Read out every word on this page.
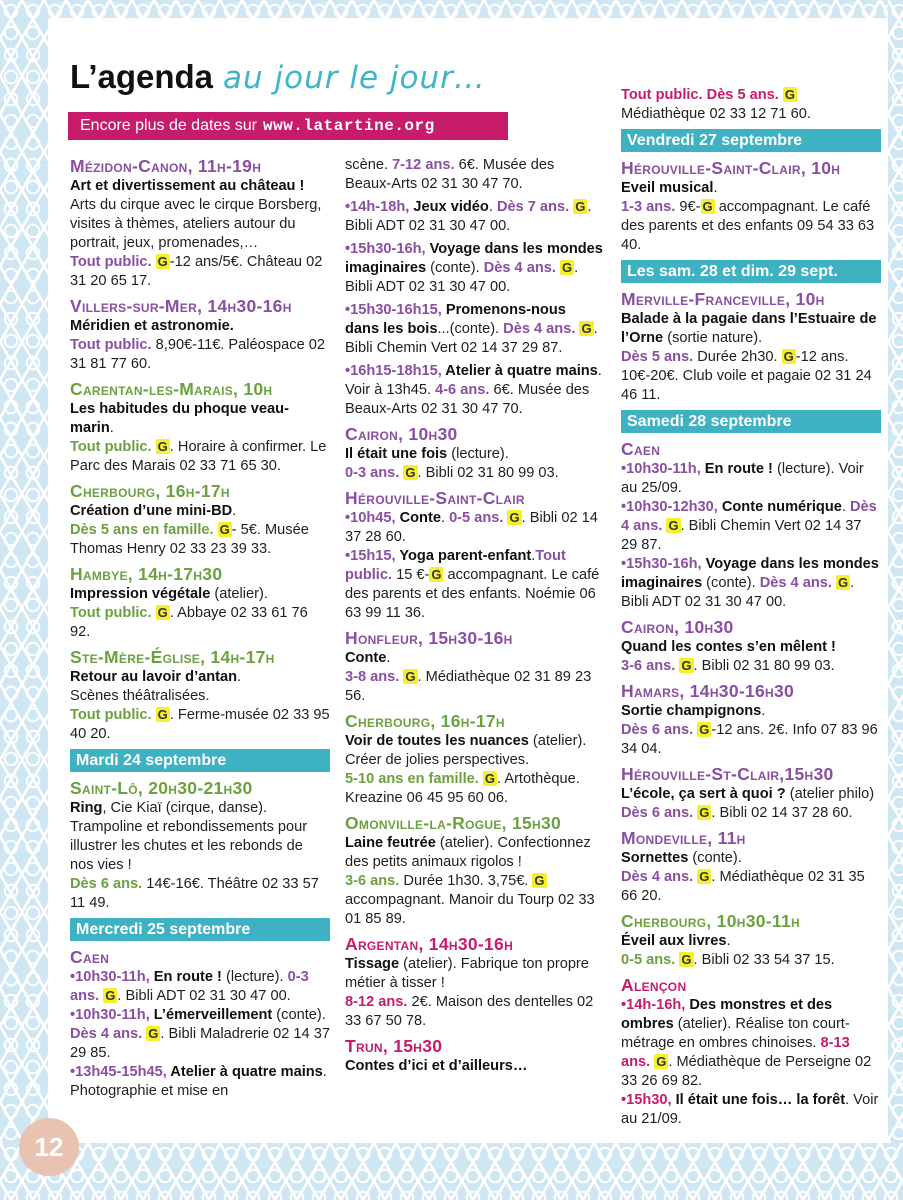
L’agenda au jour le jour…
Encore plus de dates sur www.latartine.org
Mézidon-Canon, 11h-19h
Art et divertissement au château !
Arts du cirque avec le cirque Borsberg, visites à thèmes, ateliers autour du portrait, jeux, promenades,…
Tout public. G -12 ans/5€. Château 02 31 20 65 17.
Villers-sur-Mer, 14h30-16h
Méridien et astronomie.
Tout public. 8,90€-11€. Paléospace 02 31 81 77 60.
Carentan-les-Marais, 10h
Les habitudes du phoque veau-marin.
Tout public. G . Horaire à confirmer. Le Parc des Marais 02 33 71 65 30.
Cherbourg, 16h-17h
Création d’une mini-BD.
Dès 5 ans en famille. G - 5€. Musée Thomas Henry 02 33 23 39 33.
Hambye, 14h-17h30
Impression végétale (atelier).
Tout public. G . Abbaye 02 33 61 76 92.
Ste-Mère-Église, 14h-17h
Retour au lavoir d’antan.
Scènes théâtralisées.
Tout public. G . Ferme-musée 02 33 95 40 20.
Mardi 24 septembre
Saint-Lô, 20h30-21h30
Ring, Cie Kiaï (cirque, danse). Trampoline et rebondissements pour illustrer les chutes et les rebonds de nos vies !
Dès 6 ans. 14€-16€. Théâtre 02 33 57 11 49.
Mercredi 25 septembre
Caen
•10h30-11h, En route ! (lecture). 0-3 ans. G . Bibli ADT 02 31 30 47 00.
•10h30-11h, L’émerveillement (conte). Dès 4 ans. G . Bibli Maladrerie 02 14 37 29 85.
•13h45-15h45, Atelier à quatre mains. Photographie et mise en
scène. 7-12 ans. 6€. Musée des Beaux-Arts 02 31 30 47 70.
•14h-18h, Jeux vidéo. Dès 7 ans. G . Bibli ADT 02 31 30 47 00.
•15h30-16h, Voyage dans les mondes imaginaires (conte). Dès 4 ans. G . Bibli ADT 02 31 30 47 00.
•15h30-16h15, Promenons-nous dans les bois...(conte). Dès 4 ans. G . Bibli Chemin Vert 02 14 37 29 87.
•16h15-18h15, Atelier à quatre mains. Voir à 13h45. 4-6 ans. 6€. Musée des Beaux-Arts 02 31 30 47 70.
Cairon, 10h30
Il était une fois (lecture).
0-3 ans. G . Bibli 02 31 80 99 03.
Hérouville-Saint-Clair
•10h45, Conte. 0-5 ans. G . Bibli 02 14 37 28 60.
•15h15, Yoga parent-enfant.Tout public. 15 €- G accompagnant. Le café des parents et des enfants. Noémie 06 63 99 11 36.
Honfleur, 15h30-16h
Conte.
3-8 ans. G . Médiathèque 02 31 89 23 56.
Cherbourg, 16h-17h
Voir de toutes les nuances (atelier). Créer de jolies perspectives.
5-10 ans en famille. G . Artothèque. Kreazine 06 45 95 60 06.
Omonville-la-Rogue, 15h30
Laine feutrée (atelier). Confectionnez des petits animaux rigolos !
3-6 ans. Durée 1h30. 3,75€. G accompagnant. Manoir du Tourp 02 33 01 85 89.
Argentan, 14h30-16h
Tissage (atelier). Fabrique ton propre métier à tisser !
8-12 ans. 2€. Maison des dentelles 02 33 67 50 78.
Trun, 15h30
Contes d’ici et d’ailleurs…
Tout public. Dès 5 ans. G Médiathèque 02 33 12 71 60.
Vendredi 27 septembre
Hérouville-Saint-Clair, 10h
Eveil musical.
1-3 ans. 9€- G accompagnant. Le café des parents et des enfants 09 54 33 63 40.
Les sam. 28 et dim. 29 sept.
Merville-Franceville, 10h
Balade à la pagaie dans l’Estuaire de l’Orne (sortie nature).
Dès 5 ans. Durée 2h30. G -12 ans. 10€-20€. Club voile et pagaie 02 31 24 46 11.
Samedi 28 septembre
Caen
•10h30-11h, En route ! (lecture). Voir au 25/09.
•10h30-12h30, Conte numérique. Dès 4 ans. G . Bibli Chemin Vert 02 14 37 29 87.
•15h30-16h, Voyage dans les mondes imaginaires (conte). Dès 4 ans. G . Bibli ADT 02 31 30 47 00.
Cairon, 10h30
Quand les contes s’en mêlent !
3-6 ans. G . Bibli 02 31 80 99 03.
Hamars, 14h30-16h30
Sortie champignons.
Dès 6 ans. G -12 ans. 2€. Info 07 83 96 34 04.
Hérouville-St-Clair,15h30
L’école, ça sert à quoi ? (atelier philo)
Dès 6 ans. G . Bibli 02 14 37 28 60.
Mondeville, 11h
Sornettes (conte).
Dès 4 ans. G . Médiathèque 02 31 35 66 20.
Cherbourg, 10h30-11h
Éveil aux livres.
0-5 ans. G . Bibli 02 33 54 37 15.
Alençon
•14h-16h, Des monstres et des ombres (atelier). Réalise ton court-métrage en ombres chinoises. 8-13 ans. G . Médiathèque de Perseigne 02 33 26 69 82.
•15h30, Il était une fois… la forêt. Voir au 21/09.
12
